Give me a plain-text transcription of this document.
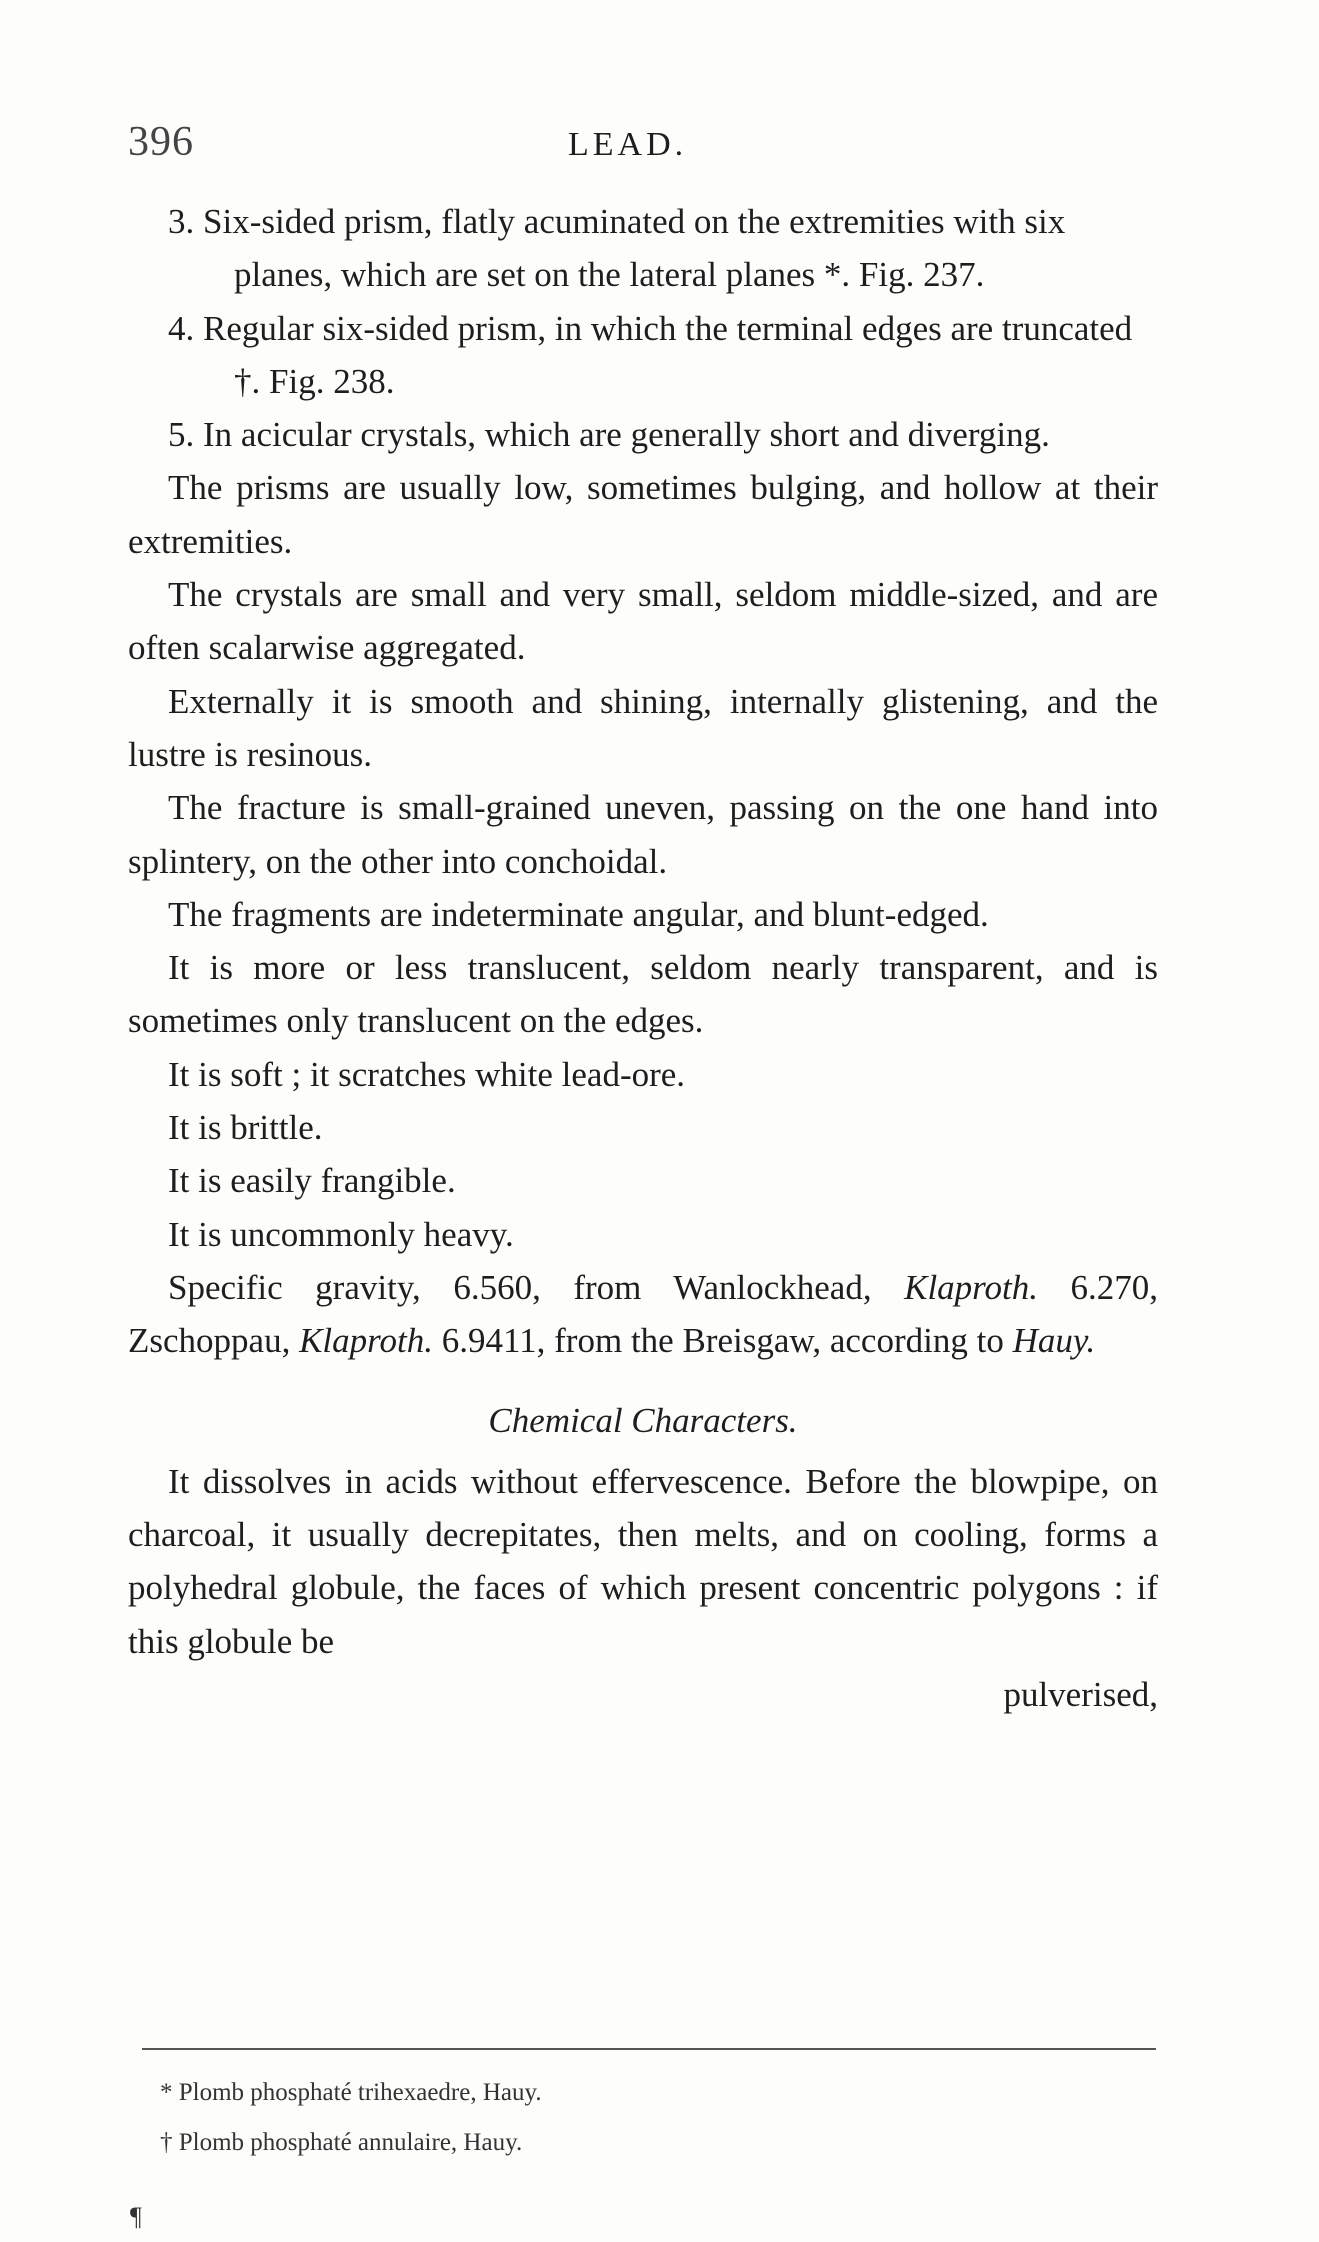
396	LEAD.

3. Six-sided prism, flatly acuminated on the extremities with six planes, which are set on the lateral planes *. Fig. 237.

4. Regular six-sided prism, in which the terminal edges are truncated †. Fig. 238.

5. In acicular crystals, which are generally short and diverging.

The prisms are usually low, sometimes bulging, and hollow at their extremities.

The crystals are small and very small, seldom middle-sized, and are often scalarwise aggregated.

Externally it is smooth and shining, internally glistening, and the lustre is resinous.

The fracture is small-grained uneven, passing on the one hand into splintery, on the other into conchoidal.

The fragments are indeterminate angular, and blunt-edged.

It is more or less translucent, seldom nearly transparent, and is sometimes only translucent on the edges.

It is soft ; it scratches white lead-ore.

It is brittle.

It is easily frangible.

It is uncommonly heavy.

Specific gravity, 6.560, from Wanlockhead, Klaproth. 6.270, Zschoppau, Klaproth. 6.9411, from the Breisgaw, according to Hauy.

Chemical Characters.

It dissolves in acids without effervescence. Before the blowpipe, on charcoal, it usually decrepitates, then melts, and on cooling, forms a polyhedral globule, the faces of which present concentric polygons : if this globule be

pulverised,

* Plomb phosphaté trihexaedre, Hauy.

† Plomb phosphaté annulaire, Hauy.

¶
